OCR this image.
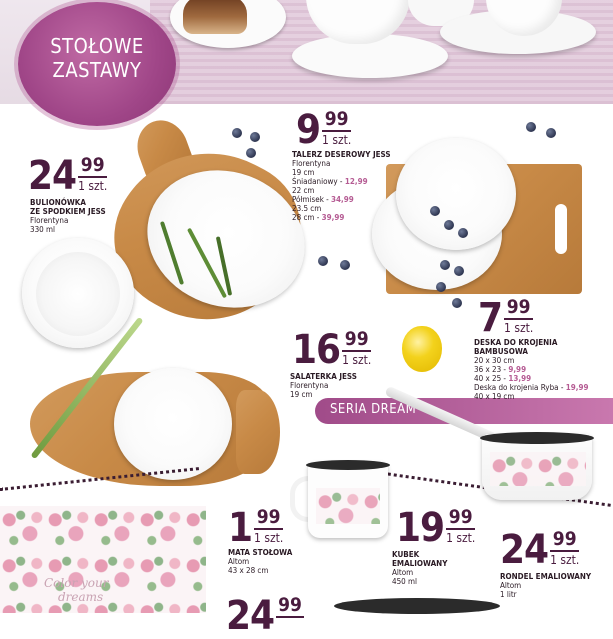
STOŁOWE
ZASTAWY
SERIA DREAM
Color your
dreams
9 99
1 szt.
24 99
1 szt.
7 99
1 szt.
16 99
1 szt.
1 99
1 szt.	19 99
1 szt. 24 99
1 szt.
24 99
TALERZ DESEROWY JESS
Florentyna
19 cm
Śniadaniowy - 12,99
22 cm
Półmisek - 34,99
23.5 cm
28 cm - 39,99
BULIONÓWKA
ZE SPODKIEM JESS
Florentyna
330 ml
DESKA DO KROJENIA
BAMBUSOWA
20 x 30 cm
36 x 23 - 9,99
40 x 25 - 13,99
Deska do krojenia Ryba - 19,99
40 x 19 cm
SALATERKA JESS
Florentyna
19 cm
MATA STOŁOWA
Altom
43 x 28 cm
KUBEK
EMALIOWANY
Altom
450 ml
RONDEL EMALIOWANY
Altom
1 litr
